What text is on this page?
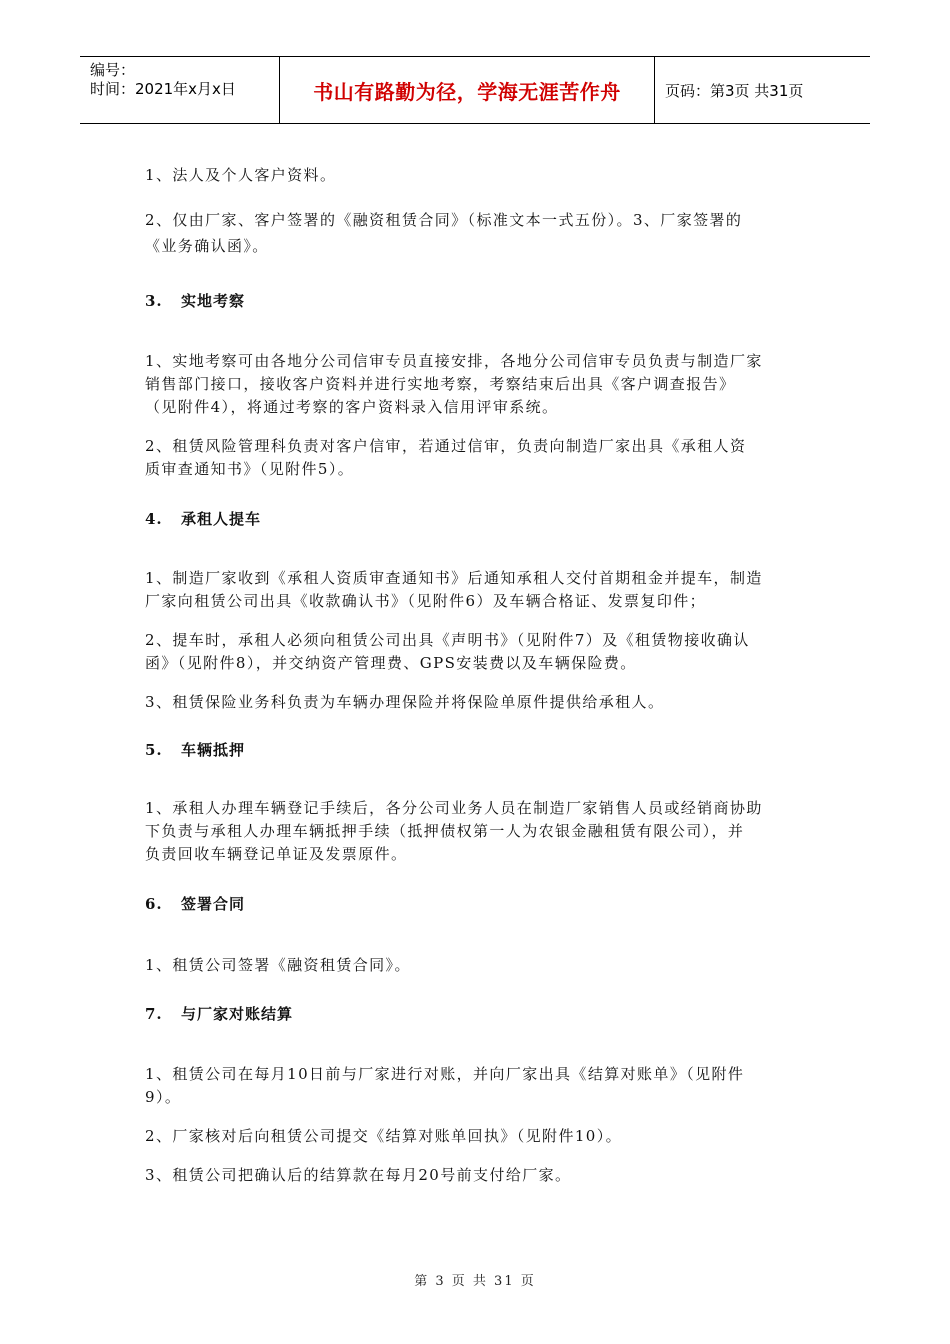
编号：
时间：2021年x月x日	书山有路勤为径，学海无涯苦作舟	页码：第3页 共31页

1、法人及个人客户资料。

2、仅由厂家、客户签署的《融资租赁合同》（标准文本一式五份）。3、厂家签署的

《业务确认函》。

3. 实地考察

1、实地考察可由各地分公司信审专员直接安排，各地分公司信审专员负责与制造厂家

销售部门接口，接收客户资料并进行实地考察，考察结束后出具《客户调查报告》

（见附件4），将通过考察的客户资料录入信用评审系统。

2、租赁风险管理科负责对客户信审，若通过信审，负责向制造厂家出具《承租人资

质审查通知书》（见附件5）。

4. 承租人提车

1、制造厂家收到《承租人资质审查通知书》后通知承租人交付首期租金并提车，制造

厂家向租赁公司出具《收款确认书》（见附件6）及车辆合格证、发票复印件；

2、提车时，承租人必须向租赁公司出具《声明书》（见附件7）及《租赁物接收确认

函》（见附件8），并交纳资产管理费、GPS安装费以及车辆保险费。

3、租赁保险业务科负责为车辆办理保险并将保险单原件提供给承租人。

5. 车辆抵押

1、承租人办理车辆登记手续后，各分公司业务人员在制造厂家销售人员或经销商协助

下负责与承租人办理车辆抵押手续（抵押债权第一人为农银金融租赁有限公司），并

负责回收车辆登记单证及发票原件。

6. 签署合同

1、租赁公司签署《融资租赁合同》。

7. 与厂家对账结算

1、租赁公司在每月10日前与厂家进行对账，并向厂家出具《结算对账单》（见附件

9）。

2、厂家核对后向租赁公司提交《结算对账单回执》（见附件10）。

3、租赁公司把确认后的结算款在每月20号前支付给厂家。

第 3 页 共 31 页
